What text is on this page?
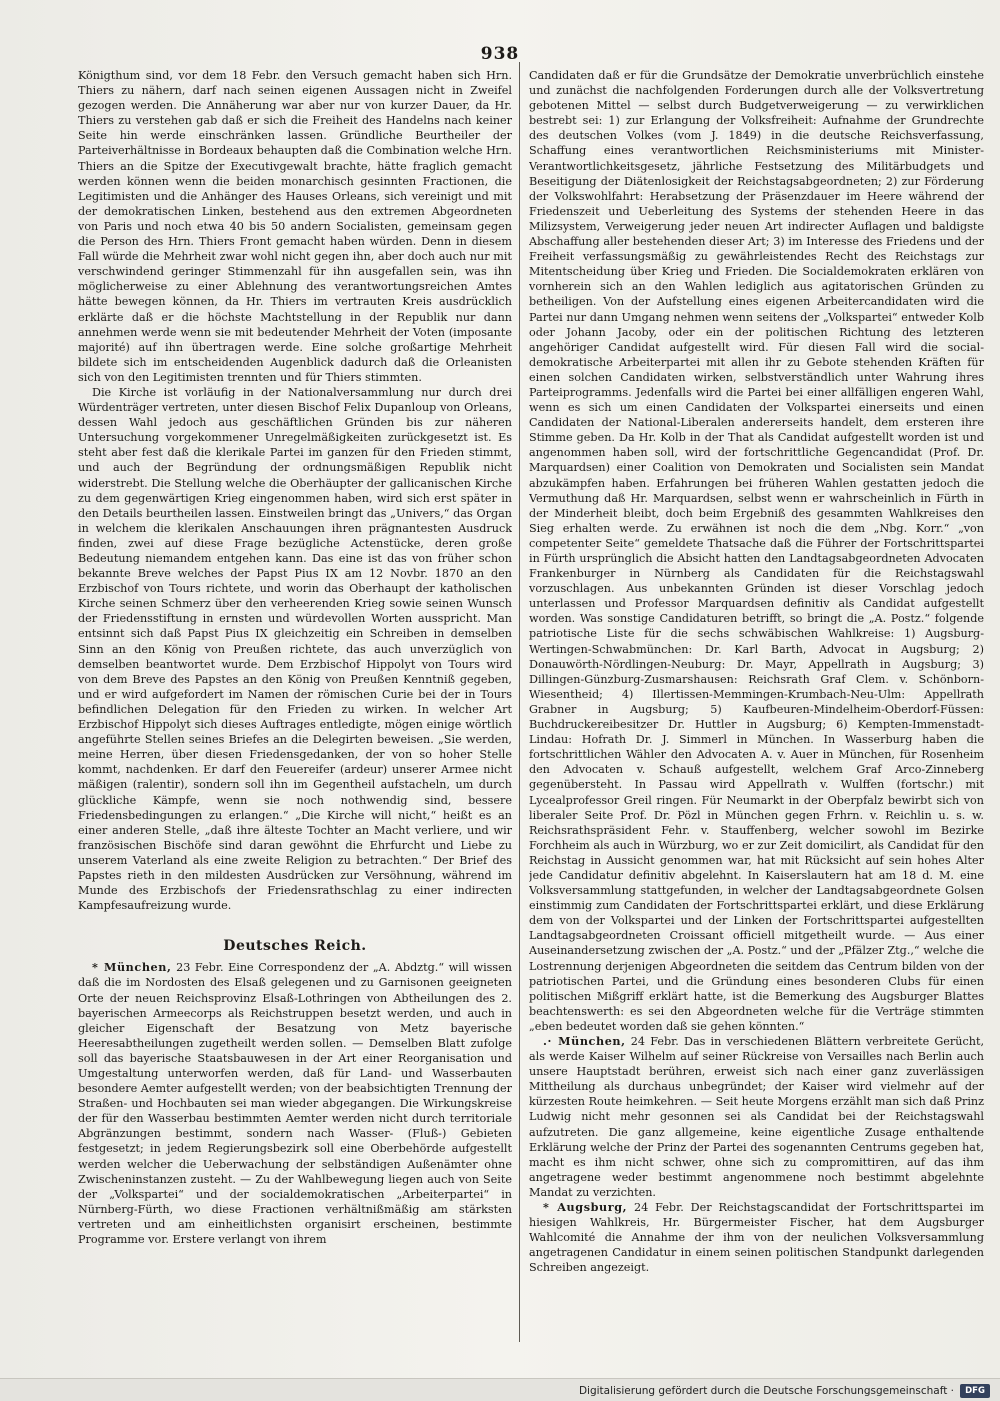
938

Königthum sind, vor dem 18 Febr. den Versuch gemacht haben sich Hrn. Thiers zu nähern, darf nach seinen eigenen Aussagen nicht in Zweifel gezogen werden. Die Annäherung war aber nur von kurzer Dauer, da Hr. Thiers zu verstehen gab daß er sich die Freiheit des Handelns nach keiner Seite hin werde einschränken lassen. Gründliche Beurtheiler der Parteiverhältnisse in Bordeaux behaupten daß die Combination welche Hrn. Thiers an die Spitze der Executivgewalt brachte, hätte fraglich gemacht werden können wenn die beiden monarchisch gesinnten Fractionen, die Legitimisten und die Anhänger des Hauses Orleans, sich vereinigt und mit der demokratischen Linken, bestehend aus den extremen Abgeordneten von Paris und noch etwa 40 bis 50 andern Socialisten, gemeinsam gegen die Person des Hrn. Thiers Front gemacht haben würden. Denn in diesem Fall würde die Mehrheit zwar wohl nicht gegen ihn, aber doch auch nur mit verschwindend geringer Stimmenzahl für ihn ausgefallen sein, was ihn möglicherweise zu einer Ablehnung des verantwortungsreichen Amtes hätte bewegen können, da Hr. Thiers im vertrauten Kreis ausdrücklich erklärte daß er die höchste Machtstellung in der Republik nur dann annehmen werde wenn sie mit bedeutender Mehrheit der Voten (imposante majorité) auf ihn übertragen werde. Eine solche großartige Mehrheit bildete sich im entscheidenden Augenblick dadurch daß die Orleanisten sich von den Legitimisten trennten und für Thiers stimmten.

Die Kirche ist vorläufig in der Nationalversammlung nur durch drei Würdenträger vertreten, unter diesen Bischof Felix Dupanloup von Orleans, dessen Wahl jedoch aus geschäftlichen Gründen bis zur näheren Untersuchung vorgekommener Unregelmäßigkeiten zurückgesetzt ist. Es steht aber fest daß die klerikale Partei im ganzen für den Frieden stimmt, und auch der Begründung der ordnungsmäßigen Republik nicht widerstrebt. Die Stellung welche die Oberhäupter der gallicanischen Kirche zu dem gegenwärtigen Krieg eingenommen haben, wird sich erst später in den Details beurtheilen lassen. Einstweilen bringt das „Univers,“ das Organ in welchem die klerikalen Anschauungen ihren prägnantesten Ausdruck finden, zwei auf diese Frage bezügliche Actenstücke, deren große Bedeutung niemandem entgehen kann. Das eine ist das von früher schon bekannte Breve welches der Papst Pius IX am 12 Novbr. 1870 an den Erzbischof von Tours richtete, und worin das Oberhaupt der katholischen Kirche seinen Schmerz über den verheerenden Krieg sowie seinen Wunsch der Friedensstiftung in ernsten und würdevollen Worten ausspricht. Man entsinnt sich daß Papst Pius IX gleichzeitig ein Schreiben in demselben Sinn an den König von Preußen richtete, das auch unverzüglich von demselben beantwortet wurde. Dem Erzbischof Hippolyt von Tours wird von dem Breve des Papstes an den König von Preußen Kenntniß gegeben, und er wird aufgefordert im Namen der römischen Curie bei der in Tours befindlichen Delegation für den Frieden zu wirken. In welcher Art Erzbischof Hippolyt sich dieses Auftrages entledigte, mögen einige wörtlich angeführte Stellen seines Briefes an die Delegirten beweisen. „Sie werden, meine Herren, über diesen Friedensgedanken, der von so hoher Stelle kommt, nachdenken. Er darf den Feuereifer (ardeur) unserer Armee nicht mäßigen (ralentir), sondern soll ihn im Gegentheil aufstacheln, um durch glückliche Kämpfe, wenn sie noch nothwendig sind, bessere Friedensbedingungen zu erlangen.“ „Die Kirche will nicht,“ heißt es an einer anderen Stelle, „daß ihre älteste Tochter an Macht verliere, und wir französischen Bischöfe sind daran gewöhnt die Ehrfurcht und Liebe zu unserem Vaterland als eine zweite Religion zu betrachten.“ Der Brief des Papstes rieth in den mildesten Ausdrücken zur Versöhnung, während im Munde des Erzbischofs der Friedensrathschlag zu einer indirecten Kampfesaufreizung wurde.

Deutsches Reich.

* München, 23 Febr. Eine Correspondenz der „A. Abdztg.“ will wissen daß die im Nordosten des Elsaß gelegenen und zu Garnisonen geeigneten Orte der neuen Reichsprovinz Elsaß-Lothringen von Abtheilungen des 2. bayerischen Armeecorps als Reichstruppen besetzt werden, und auch in gleicher Eigenschaft der Besatzung von Metz bayerische Heeresabtheilungen zugetheilt werden sollen. — Demselben Blatt zufolge soll das bayerische Staatsbauwesen in der Art einer Reorganisation und Umgestaltung unterworfen werden, daß für Land- und Wasserbauten besondere Aemter aufgestellt werden; von der beabsichtigten Trennung der Straßen- und Hochbauten sei man wieder abgegangen. Die Wirkungskreise der für den Wasserbau bestimmten Aemter werden nicht durch territoriale Abgränzungen bestimmt, sondern nach Wasser- (Fluß-) Gebieten festgesetzt; in jedem Regierungsbezirk soll eine Oberbehörde aufgestellt werden welcher die Ueberwachung der selbständigen Außenämter ohne Zwischeninstanzen zusteht. — Zu der Wahlbewegung liegen auch von Seite der „Volkspartei“ und der socialdemokratischen „Arbeiterpartei“ in Nürnberg-Fürth, wo diese Fractionen verhältnißmäßig am stärksten vertreten und am einheitlichsten organisirt erscheinen, bestimmte Programme vor. Erstere verlangt von ihrem

Candidaten daß er für die Grundsätze der Demokratie unverbrüchlich einstehe und zunächst die nachfolgenden Forderungen durch alle der Volksvertretung gebotenen Mittel — selbst durch Budgetverweigerung — zu verwirklichen bestrebt sei: 1) zur Erlangung der Volksfreiheit: Aufnahme der Grundrechte des deutschen Volkes (vom J. 1849) in die deutsche Reichsverfassung, Schaffung eines verantwortlichen Reichsministeriums mit Minister-Verantwortlichkeitsgesetz, jährliche Festsetzung des Militärbudgets und Beseitigung der Diätenlosigkeit der Reichstagsabgeordneten; 2) zur Förderung der Volkswohlfahrt: Herabsetzung der Präsenzdauer im Heere während der Friedenszeit und Ueberleitung des Systems der stehenden Heere in das Milizsystem, Verweigerung jeder neuen Art indirecter Auflagen und baldigste Abschaffung aller bestehenden dieser Art; 3) im Interesse des Friedens und der Freiheit verfassungsmäßig zu gewährleistendes Recht des Reichstags zur Mitentscheidung über Krieg und Frieden. Die Socialdemokraten erklären von vornherein sich an den Wahlen lediglich aus agitatorischen Gründen zu betheiligen. Von der Aufstellung eines eigenen Arbeitercandidaten wird die Partei nur dann Umgang nehmen wenn seitens der „Volkspartei“ entweder Kolb oder Johann Jacoby, oder ein der politischen Richtung des letzteren angehöriger Candidat aufgestellt wird. Für diesen Fall wird die social-demokratische Arbeiterpartei mit allen ihr zu Gebote stehenden Kräften für einen solchen Candidaten wirken, selbstverständlich unter Wahrung ihres Parteiprogramms. Jedenfalls wird die Partei bei einer allfälligen engeren Wahl, wenn es sich um einen Candidaten der Volkspartei einerseits und einen Candidaten der National-Liberalen andererseits handelt, dem ersteren ihre Stimme geben. Da Hr. Kolb in der That als Candidat aufgestellt worden ist und angenommen haben soll, wird der fortschrittliche Gegencandidat (Prof. Dr. Marquardsen) einer Coalition von Demokraten und Socialisten sein Mandat abzukämpfen haben. Erfahrungen bei früheren Wahlen gestatten jedoch die Vermuthung daß Hr. Marquardsen, selbst wenn er wahrscheinlich in Fürth in der Minderheit bleibt, doch beim Ergebniß des gesammten Wahlkreises den Sieg erhalten werde. Zu erwähnen ist noch die dem „Nbg. Korr.“ „von competenter Seite“ gemeldete Thatsache daß die Führer der Fortschrittspartei in Fürth ursprünglich die Absicht hatten den Landtagsabgeordneten Advocaten Frankenburger in Nürnberg als Candidaten für die Reichstagswahl vorzuschlagen. Aus unbekannten Gründen ist dieser Vorschlag jedoch unterlassen und Professor Marquardsen definitiv als Candidat aufgestellt worden. Was sonstige Candidaturen betrifft, so bringt die „A. Postz.“ folgende patriotische Liste für die sechs schwäbischen Wahlkreise: 1) Augsburg-Wertingen-Schwabmünchen: Dr. Karl Barth, Advocat in Augsburg; 2) Donauwörth-Nördlingen-Neuburg: Dr. Mayr, Appellrath in Augsburg; 3) Dillingen-Günzburg-Zusmarshausen: Reichsrath Graf Clem. v. Schönborn-Wiesentheid; 4) Illertissen-Memmingen-Krumbach-Neu-Ulm: Appellrath Grabner in Augsburg; 5) Kaufbeuren-Mindelheim-Oberdorf-Füssen: Buchdruckereibesitzer Dr. Huttler in Augsburg; 6) Kempten-Immenstadt-Lindau: Hofrath Dr. J. Simmerl in München. In Wasserburg haben die fortschrittlichen Wähler den Advocaten A. v. Auer in München, für Rosenheim den Advocaten v. Schauß aufgestellt, welchem Graf Arco-Zinneberg gegenübersteht. In Passau wird Appellrath v. Wulffen (fortschr.) mit Lycealprofessor Greil ringen. Für Neumarkt in der Oberpfalz bewirbt sich von liberaler Seite Prof. Dr. Pözl in München gegen Frhrn. v. Reichlin u. s. w. Reichsrathspräsident Fehr. v. Stauffenberg, welcher sowohl im Bezirke Forchheim als auch in Würzburg, wo er zur Zeit domicilirt, als Candidat für den Reichstag in Aussicht genommen war, hat mit Rücksicht auf sein hohes Alter jede Candidatur definitiv abgelehnt. In Kaiserslautern hat am 18 d. M. eine Volksversammlung stattgefunden, in welcher der Landtagsabgeordnete Golsen einstimmig zum Candidaten der Fortschrittspartei erklärt, und diese Erklärung dem von der Volkspartei und der Linken der Fortschrittspartei aufgestellten Landtagsabgeordneten Croissant officiell mitgetheilt wurde. — Aus einer Auseinandersetzung zwischen der „A. Postz.“ und der „Pfälzer Ztg.,“ welche die Lostrennung derjenigen Abgeordneten die seitdem das Centrum bilden von der patriotischen Partei, und die Gründung eines besonderen Clubs für einen politischen Mißgriff erklärt hatte, ist die Bemerkung des Augsburger Blattes beachtenswerth: es sei den Abgeordneten welche für die Verträge stimmten „eben bedeutet worden daß sie gehen könnten.“

.· München, 24 Febr. Das in verschiedenen Blättern verbreitete Gerücht, als werde Kaiser Wilhelm auf seiner Rückreise von Versailles nach Berlin auch unsere Hauptstadt berühren, erweist sich nach einer ganz zuverlässigen Mittheilung als durchaus unbegründet; der Kaiser wird vielmehr auf der kürzesten Route heimkehren. — Seit heute Morgens erzählt man sich daß Prinz Ludwig nicht mehr gesonnen sei als Candidat bei der Reichstagswahl aufzutreten. Die ganz allgemeine, keine eigentliche Zusage enthaltende Erklärung welche der Prinz der Partei des sogenannten Centrums gegeben hat, macht es ihm nicht schwer, ohne sich zu compromittiren, auf das ihm angetragene weder bestimmt angenommene noch bestimmt abgelehnte Mandat zu verzichten.

* Augsburg, 24 Febr. Der Reichstagscandidat der Fortschrittspartei im hiesigen Wahlkreis, Hr. Bürgermeister Fischer, hat dem Augsburger Wahlcomité die Annahme der ihm von der neulichen Volksversammlung angetragenen Candidatur in einem seinen politischen Standpunkt darlegenden Schreiben angezeigt.

Digitalisierung gefördert durch die Deutsche Forschungsgemeinschaft ·	DFG
